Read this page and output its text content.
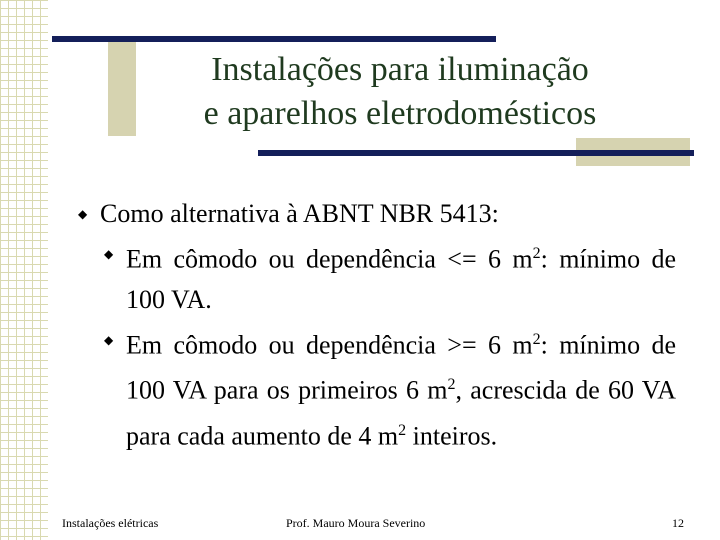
Instalações para iluminação
e aparelhos eletrodomésticos
◆ Como alternativa à ABNT NBR 5413:
◆ Em cômodo ou dependência <= 6 $m^2$: mínimo de 100 VA.
◆ Em cômodo ou dependência >= 6 $m^2$: mínimo de 100 VA para os primeiros 6 $m^2$, acrescida de 60 VA para cada aumento de 4 $m^2$ inteiros.
Instalações elétricas	Prof. Mauro Moura Severino	12
